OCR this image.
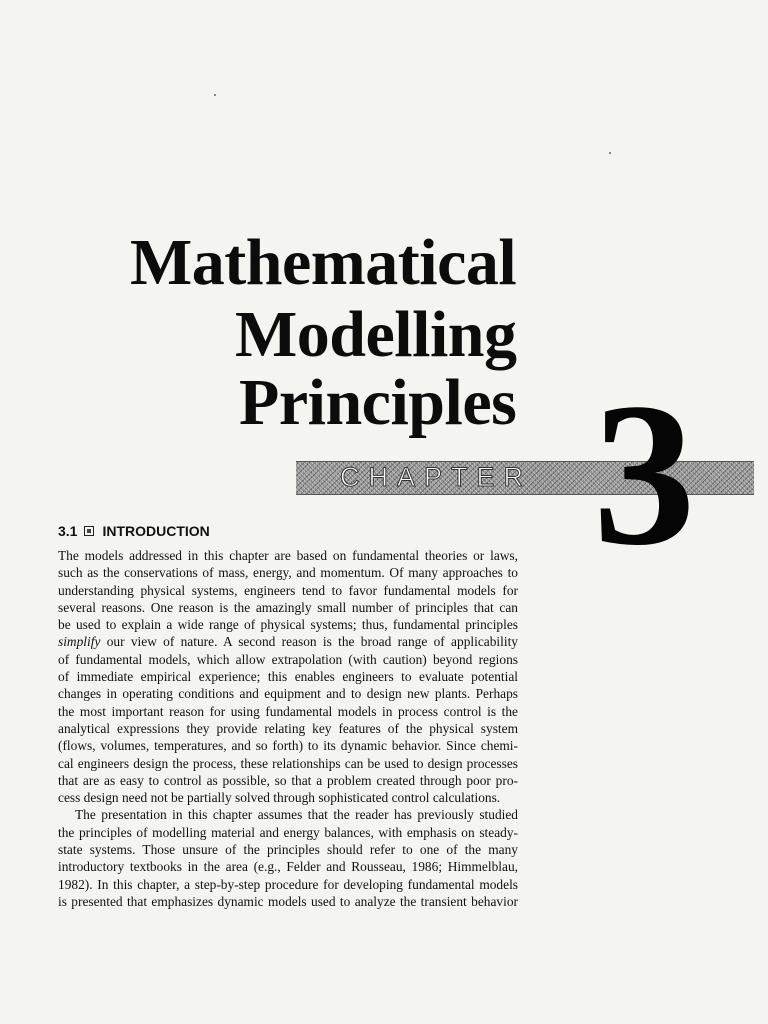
Mathematical
Modelling
Principles
CHAPTER 3
3.1 INTRODUCTION
The models addressed in this chapter are based on fundamental theories or laws,
such as the conservations of mass, energy, and momentum. Of many approaches to
understanding physical systems, engineers tend to favor fundamental models for
several reasons. One reason is the amazingly small number of principles that can
be used to explain a wide range of physical systems; thus, fundamental principles
simplify our view of nature. A second reason is the broad range of applicability
of fundamental models, which allow extrapolation (with caution) beyond regions
of immediate empirical experience; this enables engineers to evaluate potential
changes in operating conditions and equipment and to design new plants. Perhaps
the most important reason for using fundamental models in process control is the
analytical expressions they provide relating key features of the physical system
(flows, volumes, temperatures, and so forth) to its dynamic behavior. Since chemi-
cal engineers design the process, these relationships can be used to design processes
that are as easy to control as possible, so that a problem created through poor pro-
cess design need not be partially solved through sophisticated control calculations.
The presentation in this chapter assumes that the reader has previously studied
the principles of modelling material and energy balances, with emphasis on steady-
state systems. Those unsure of the principles should refer to one of the many
introductory textbooks in the area (e.g., Felder and Rousseau, 1986; Himmelblau,
1982). In this chapter, a step-by-step procedure for developing fundamental models
is presented that emphasizes dynamic models used to analyze the transient behavior
